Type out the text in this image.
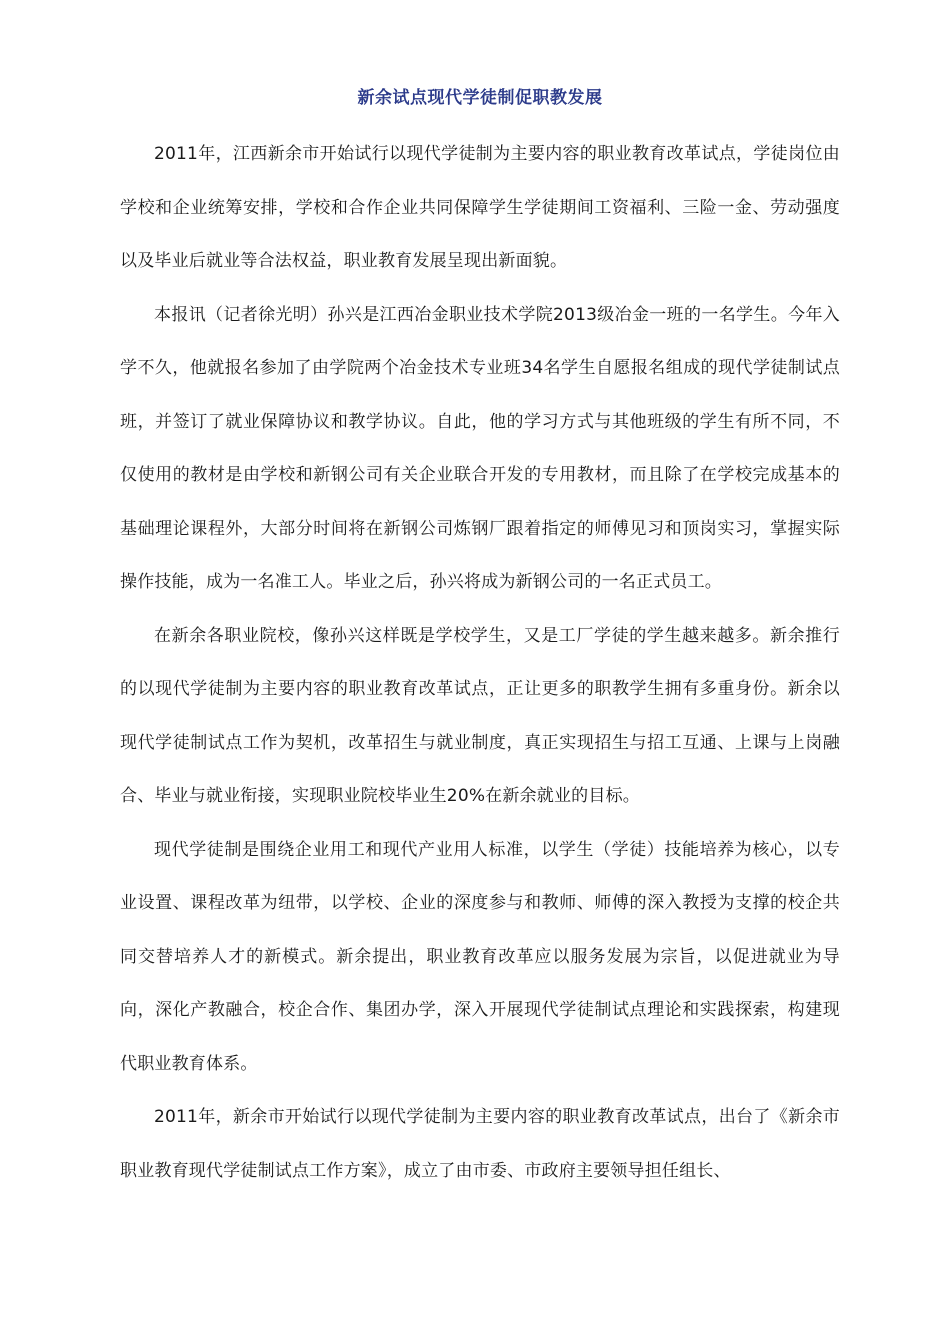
新余试点现代学徒制促职教发展

2011年，江西新余市开始试行以现代学徒制为主要内容的职业教育改革试点，学徒岗位由学校和企业统筹安排，学校和合作企业共同保障学生学徒期间工资福利、三险一金、劳动强度以及毕业后就业等合法权益，职业教育发展呈现出新面貌。

本报讯（记者徐光明）孙兴是江西冶金职业技术学院2013级冶金一班的一名学生。今年入学不久，他就报名参加了由学院两个冶金技术专业班34名学生自愿报名组成的现代学徒制试点班，并签订了就业保障协议和教学协议。自此，他的学习方式与其他班级的学生有所不同，不仅使用的教材是由学校和新钢公司有关企业联合开发的专用教材，而且除了在学校完成基本的基础理论课程外，大部分时间将在新钢公司炼钢厂跟着指定的师傅见习和顶岗实习，掌握实际操作技能，成为一名准工人。毕业之后，孙兴将成为新钢公司的一名正式员工。

在新余各职业院校，像孙兴这样既是学校学生，又是工厂学徒的学生越来越多。新余推行的以现代学徒制为主要内容的职业教育改革试点，正让更多的职教学生拥有多重身份。新余以现代学徒制试点工作为契机，改革招生与就业制度，真正实现招生与招工互通、上课与上岗融合、毕业与就业衔接，实现职业院校毕业生20%在新余就业的目标。

现代学徒制是围绕企业用工和现代产业用人标准，以学生（学徒）技能培养为核心，以专业设置、课程改革为纽带，以学校、企业的深度参与和教师、师傅的深入教授为支撑的校企共同交替培养人才的新模式。新余提出，职业教育改革应以服务发展为宗旨，以促进就业为导向，深化产教融合，校企合作、集团办学，深入开展现代学徒制试点理论和实践探索，构建现代职业教育体系。

2011年，新余市开始试行以现代学徒制为主要内容的职业教育改革试点，出台了《新余市职业教育现代学徒制试点工作方案》，成立了由市委、市政府主要领导担任组长、
